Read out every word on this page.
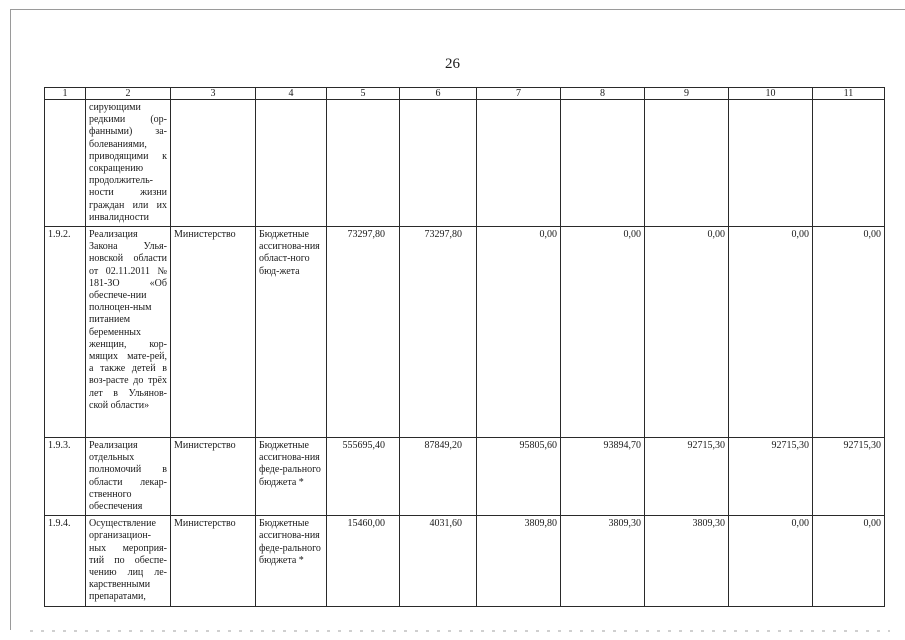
26
1	2	3	4	5	6	7	8	9	10	11
	сирующими редкими (ор-фанными) за-болеваниями, приводящими к сокращению продолжитель-ности жизни граждан или их инвалидности									
1.9.2.	Реализация Закона Улья-новской области от 02.11.2011 № 181-ЗО «Об обеспече-нии полноцен-ным питанием беременных женщин, кор-мящих мате-рей, а также детей в воз-расте до трёх лет в Ульянов-ской области»	Министерство	Бюджетные ассигнова-ния област-ного бюд-жета	73297,80	73297,80	0,00	0,00	0,00	0,00	0,00
1.9.3.	Реализация отдельных полномочий в области лекар-ственного обеспечения	Министерство	Бюджетные ассигнова-ния феде-рального бюджета *	555695,40	87849,20	95805,60	93894,70	92715,30	92715,30	92715,30
1.9.4.	Осуществление организацион-ных мероприя-тий по обеспе-чению лиц ле-карственными препаратами,	Министерство	Бюджетные ассигнова-ния феде-рального бюджета *	15460,00	4031,60	3809,80	3809,30	3809,30	0,00	0,00
